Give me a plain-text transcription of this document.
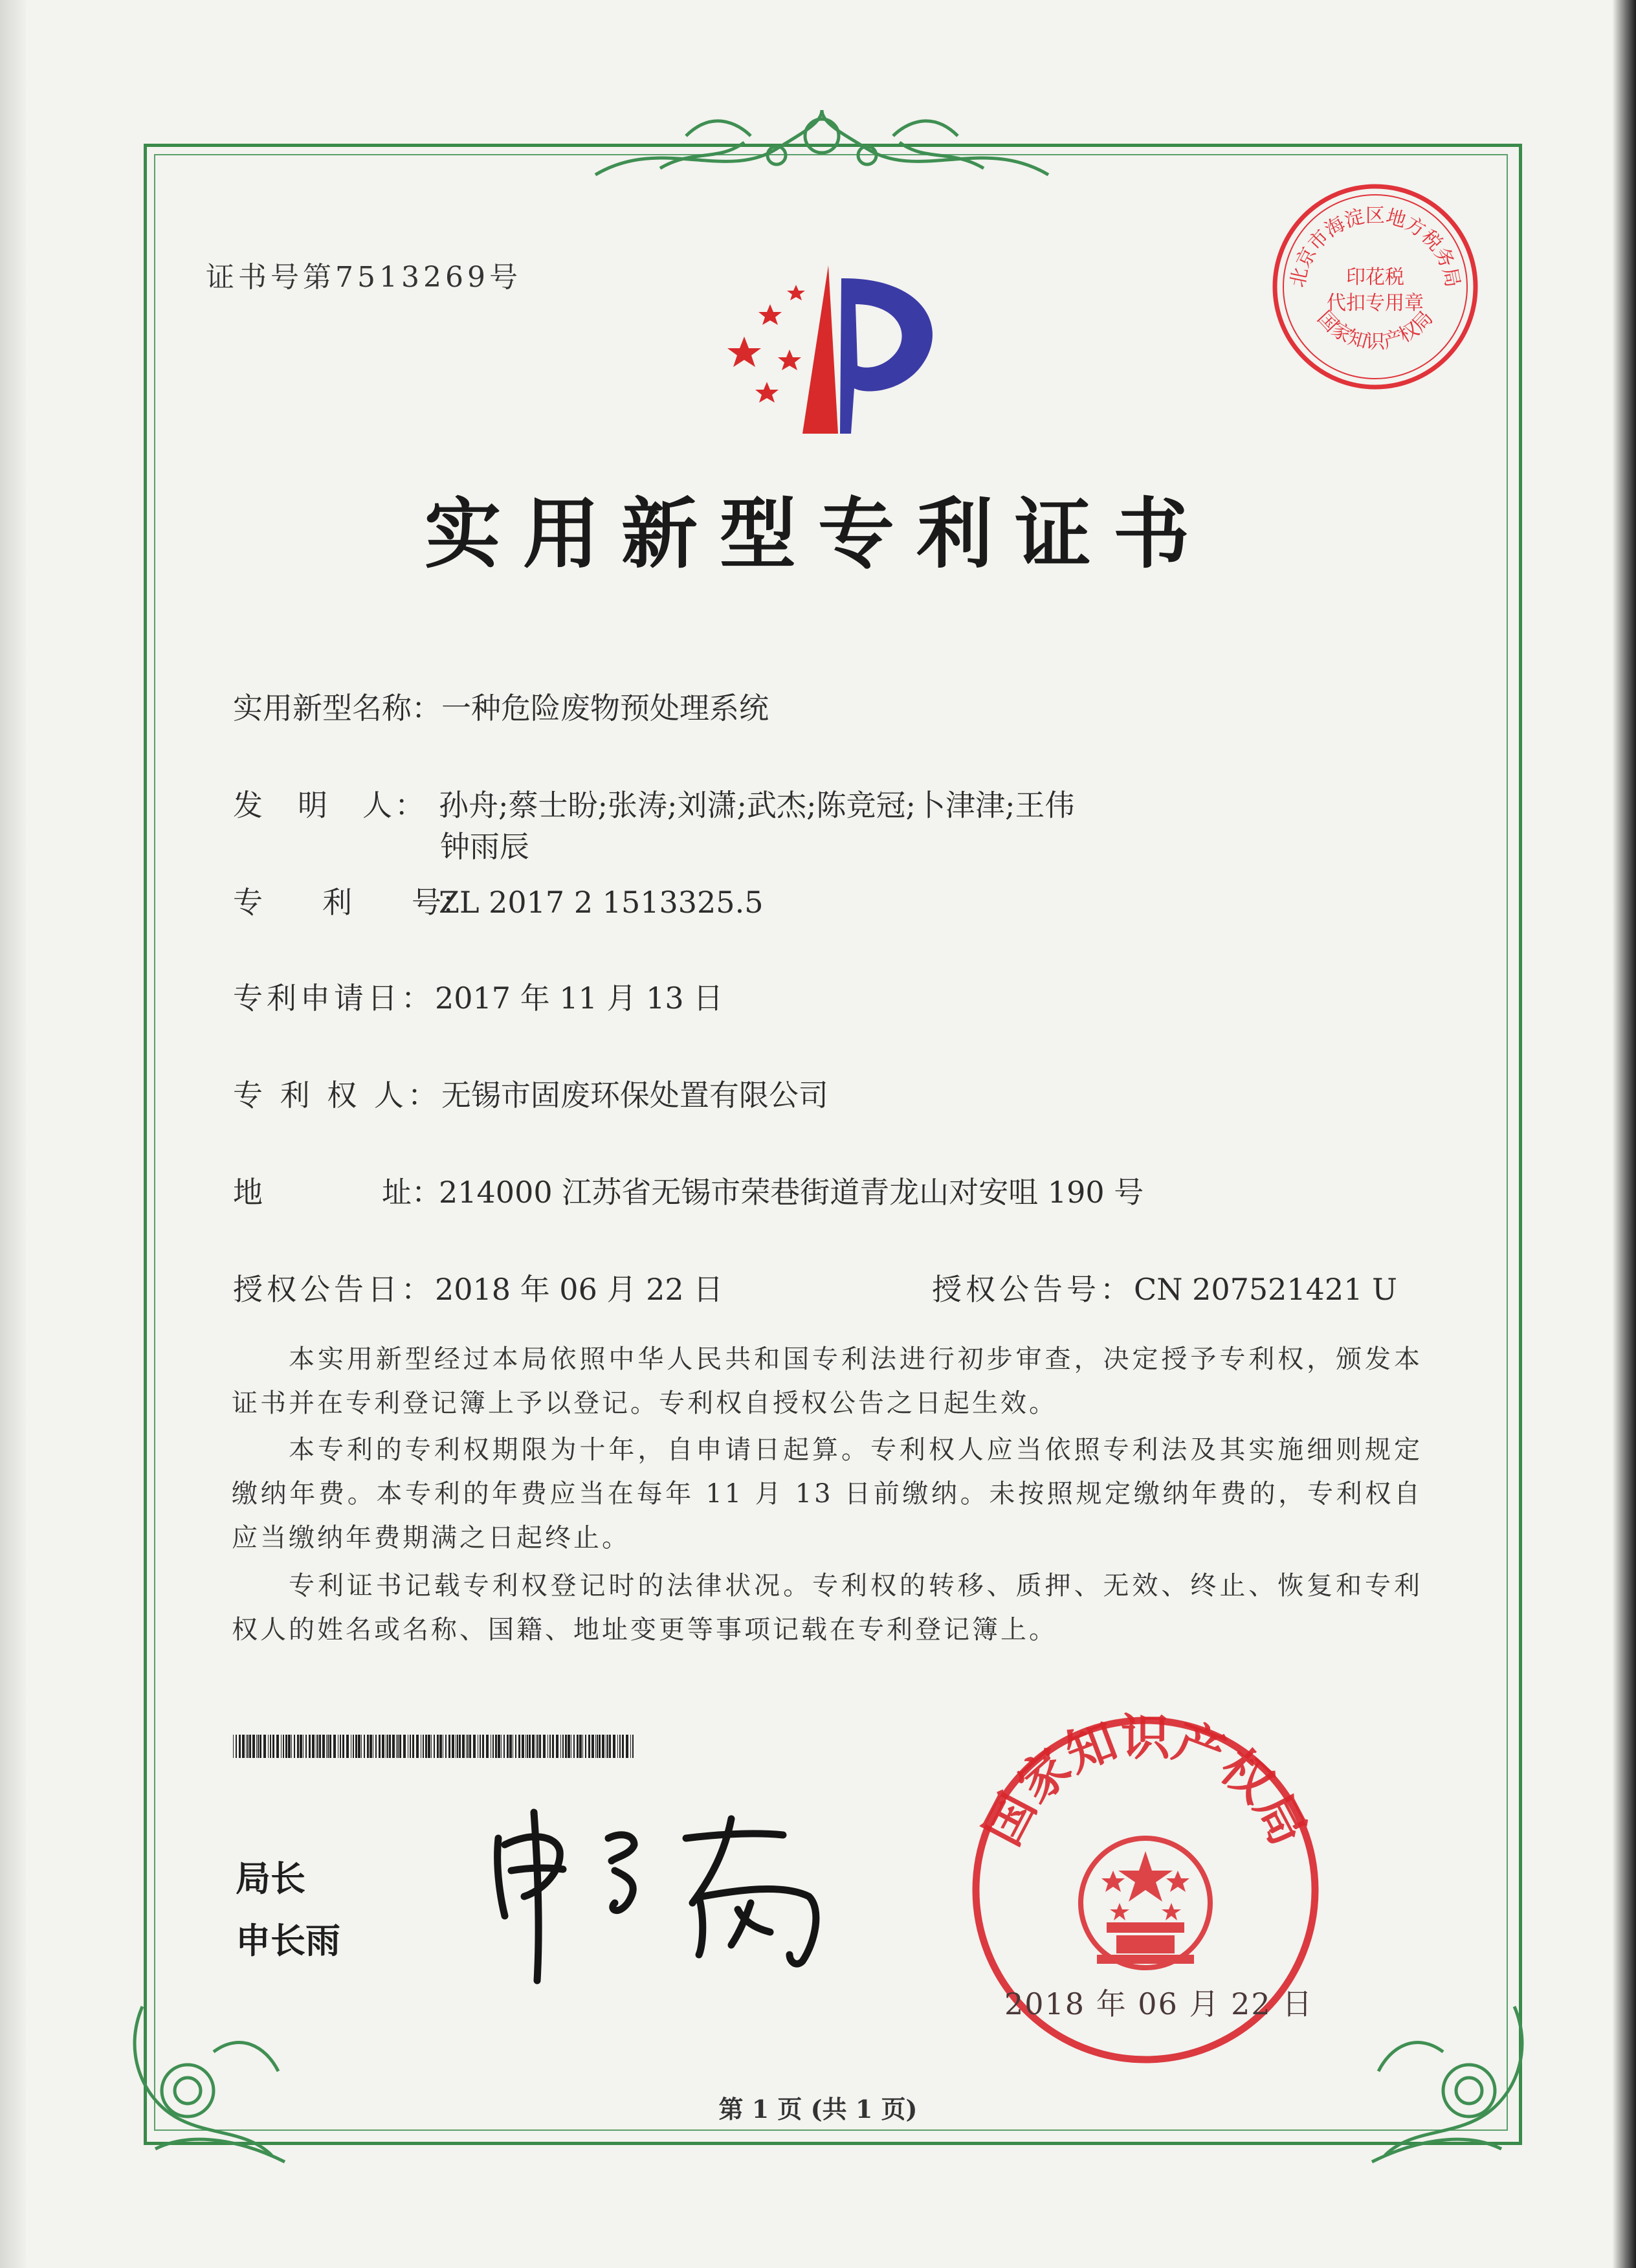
证书号第7513269号	北京市海淀区地方税务局
印花税
代扣专用章
国家知识产权局
实用新型专利证书
实用新型名称：一种危险废物预处理系统
发　明　人： 孙舟;蔡士盼;张涛;刘潇;武杰;陈竞冠;卜津津;王伟
钟雨辰
专　　利　　号：ZL 2017 2 1513325.5
专利申请日：2017 年 11 月 13 日
专 利 权 人：无锡市固废环保处置有限公司
地　　　　址：214000 江苏省无锡市荣巷街道青龙山对安咀 190 号
授权公告日：2018 年 06 月 22 日	授权公告号：CN 207521421 U
本实用新型经过本局依照中华人民共和国专利法进行初步审查，决定授予专利权，颁发本证书并在专利登记簿上予以登记。专利权自授权公告之日起生效。
本专利的专利权期限为十年，自申请日起算。专利权人应当依照专利法及其实施细则规定缴纳年费。本专利的年费应当在每年 11 月 13 日前缴纳。未按照规定缴纳年费的，专利权自应当缴纳年费期满之日起终止。
专利证书记载专利权登记时的法律状况。专利权的转移、质押、无效、终止、恢复和专利权人的姓名或名称、国籍、地址变更等事项记载在专利登记簿上。
局长
申长雨
国家知识产权局
2018 年 06 月 22 日
第 1 页 (共 1 页)
